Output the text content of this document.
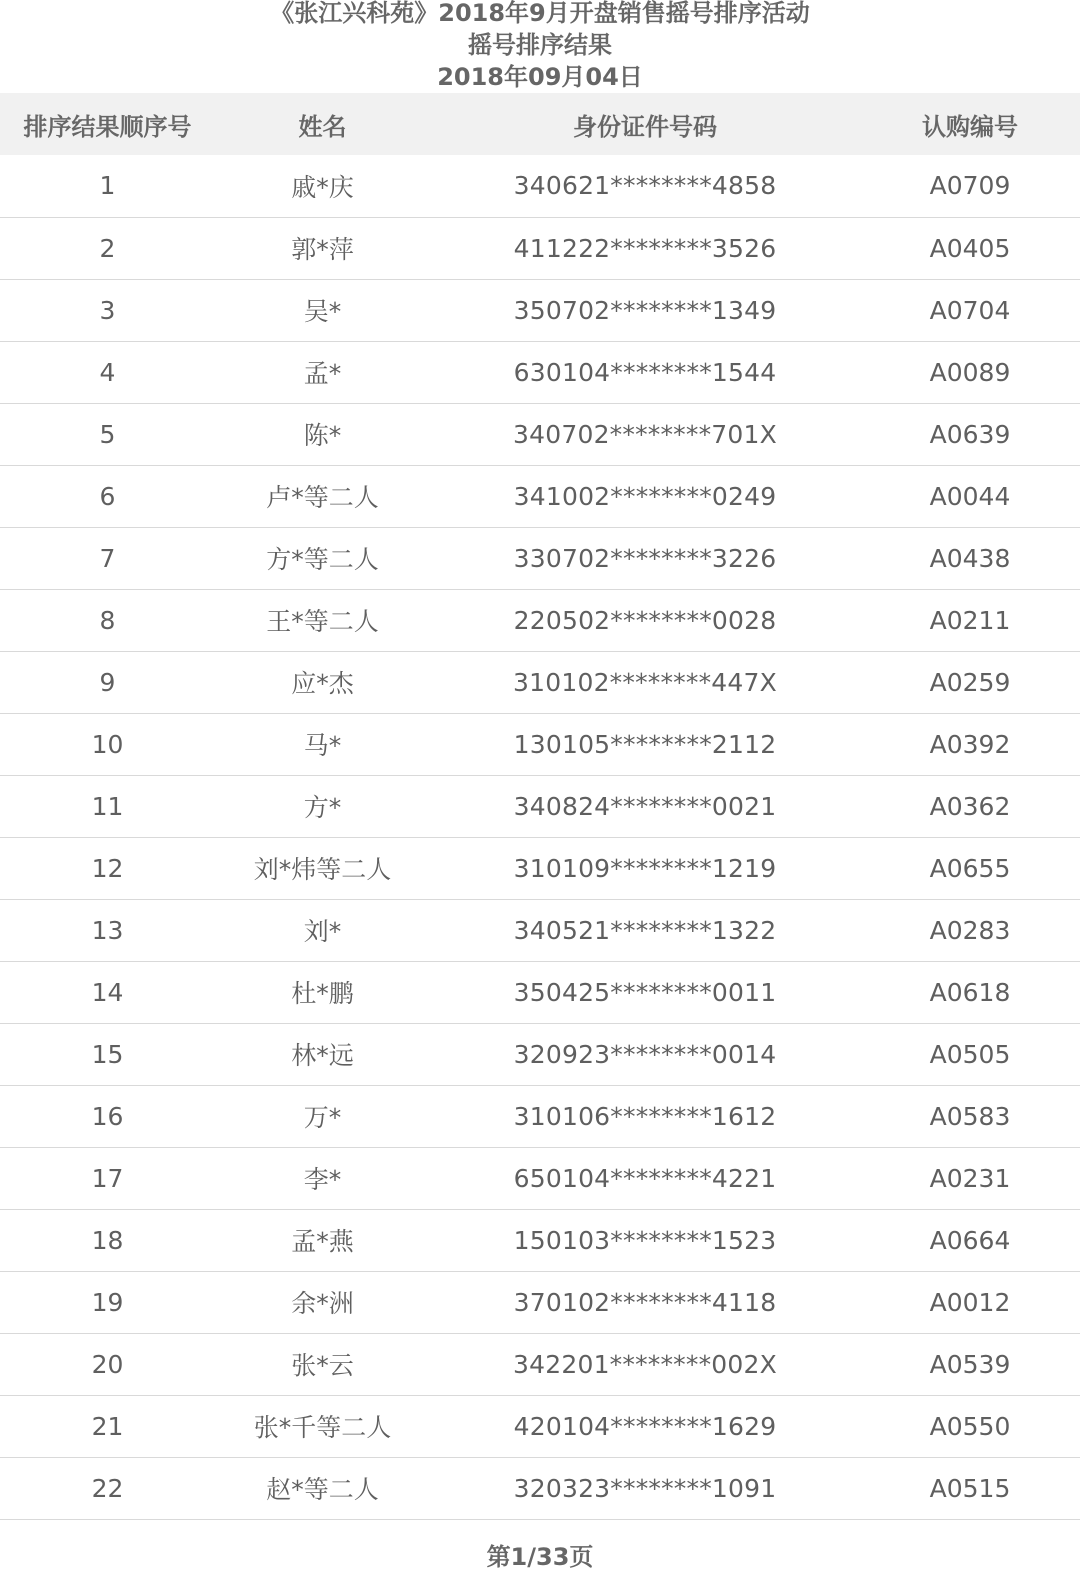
《张江兴科苑》2018年9月开盘销售摇号排序活动
摇号排序结果
2018年09月04日
排序结果顺序号	姓名	身份证件号码	认购编号
1	戚*庆	340621********4858	A0709
2	郭*萍	411222********3526	A0405
3	吴*	350702********1349	A0704
4	孟*	630104********1544	A0089
5	陈*	340702********701X	A0639
6	卢*等二人	341002********0249	A0044
7	方*等二人	330702********3226	A0438
8	王*等二人	220502********0028	A0211
9	应*杰	310102********447X	A0259
10	马*	130105********2112	A0392
11	方*	340824********0021	A0362
12	刘*炜等二人	310109********1219	A0655
13	刘*	340521********1322	A0283
14	杜*鹏	350425********0011	A0618
15	林*远	320923********0014	A0505
16	万*	310106********1612	A0583
17	李*	650104********4221	A0231
18	孟*燕	150103********1523	A0664
19	余*洲	370102********4118	A0012
20	张*云	342201********002X	A0539
21	张*千等二人	420104********1629	A0550
22	赵*等二人	320323********1091	A0515
第1/33页
